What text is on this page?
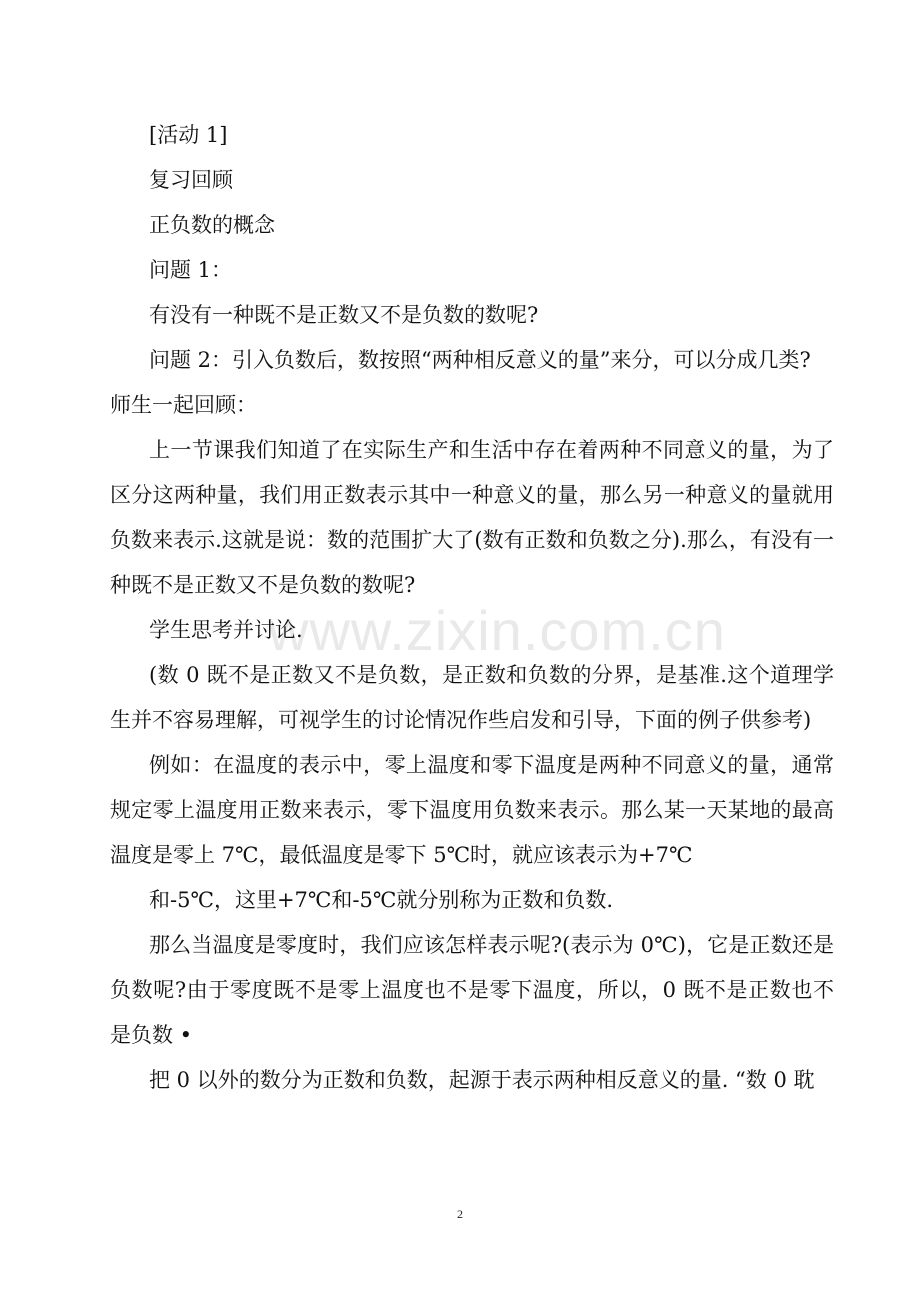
www.zixin.com.cn

[活动 1]

复习回顾

正负数的概念

问题 1：

有没有一种既不是正数又不是负数的数呢?

问题 2：引入负数后，数按照“两种相反意义的量”来分，可以分成几类?

师生一起回顾：

上一节课我们知道了在实际生产和生活中存在着两种不同意义的量，为了区分这两种量，我们用正数表示其中一种意义的量，那么另一种意义的量就用负数来表示.这就是说：数的范围扩大了(数有正数和负数之分).那么，有没有一种既不是正数又不是负数的数呢?

学生思考并讨论.

(数 0 既不是正数又不是负数，是正数和负数的分界，是基准.这个道理学生并不容易理解，可视学生的讨论情况作些启发和引导，下面的例子供参考)

例如：在温度的表示中，零上温度和零下温度是两种不同意义的量，通常规定零上温度用正数来表示，零下温度用负数来表示。那么某一天某地的最高温度是零上 7℃，最低温度是零下 5℃时，就应该表示为+7℃

和-5℃，这里+7℃和-5℃就分别称为正数和负数.

那么当温度是零度时，我们应该怎样表示呢?(表示为 0℃)，它是正数还是负数呢?由于零度既不是零上温度也不是零下温度，所以，0 既不是正数也不是负数 •

把 0 以外的数分为正数和负数，起源于表示两种相反意义的量. “数 0 耽

2
